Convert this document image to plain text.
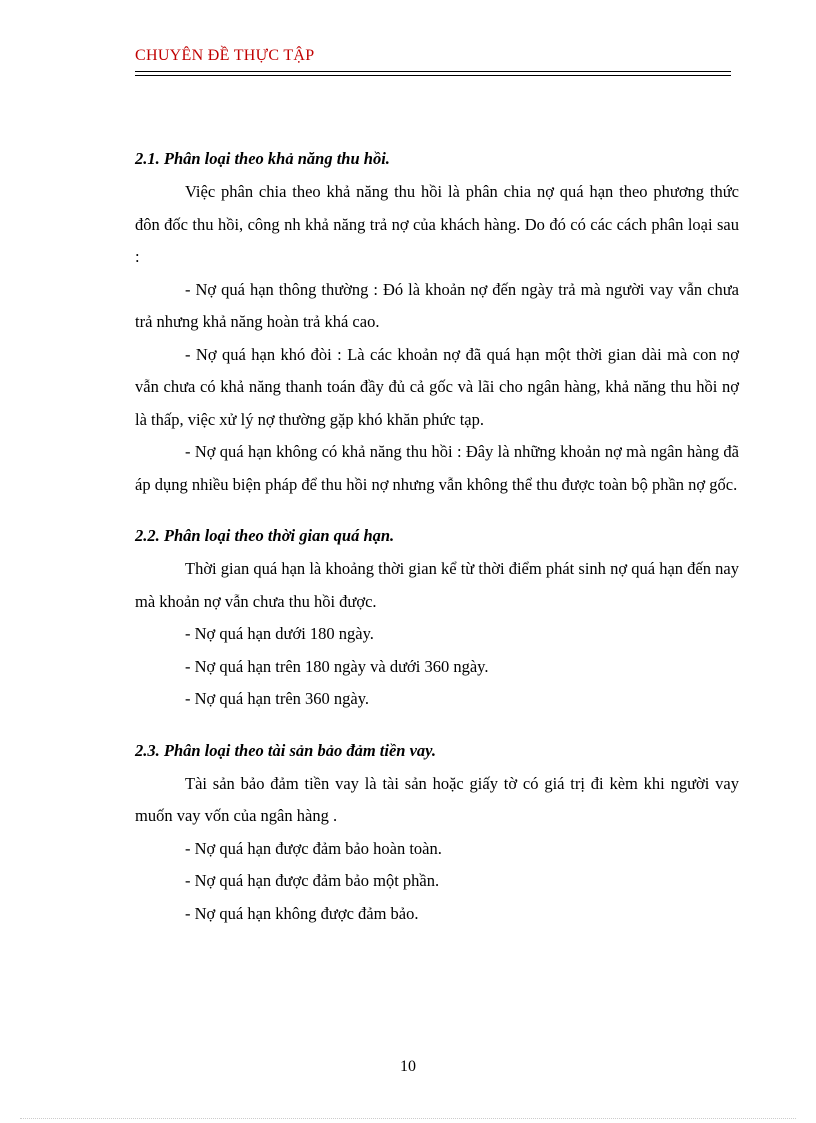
CHUYÊN ĐỀ THỰC TẬP

2.1. Phân loại theo khả năng thu hồi.

Việc phân chia theo khả năng thu hồi là phân chia nợ quá hạn theo phương thức đôn đốc thu hồi, công nh khả năng trả nợ của khách hàng. Do đó có các cách phân loại sau :

- Nợ quá hạn thông thường : Đó là khoản nợ đến ngày trả mà người vay vẫn chưa trả nhưng khả năng hoàn trả khá cao.

- Nợ quá hạn khó đòi : Là các khoản nợ đã quá hạn một thời gian dài mà con nợ vẫn chưa có khả năng thanh toán đầy đủ cả gốc và lãi cho ngân hàng, khả năng thu hồi nợ là thấp, việc xử lý nợ thường gặp khó khăn phức tạp.

- Nợ quá hạn không có khả năng thu hồi : Đây là những khoản nợ mà ngân hàng đã áp dụng nhiều biện pháp để thu hồi nợ nhưng vẫn không thể thu được toàn bộ phần nợ gốc.

2.2. Phân loại theo thời gian quá hạn.

Thời gian quá hạn là khoảng thời gian kể từ thời điểm phát sinh nợ quá hạn đến nay mà khoản nợ vẫn chưa thu hồi được.

- Nợ quá hạn dưới 180 ngày.

- Nợ quá hạn trên 180 ngày và dưới 360 ngày.

- Nợ quá hạn trên 360 ngày.

2.3. Phân loại theo tài sản bảo đảm tiền vay.

Tài sản bảo đảm tiền vay là tài sản hoặc giấy tờ có giá trị đi kèm khi người vay muốn vay vốn của ngân hàng .

- Nợ quá hạn được đảm bảo hoàn toàn.

- Nợ quá hạn được đảm bảo một phần.

- Nợ quá hạn không được đảm bảo.

10
